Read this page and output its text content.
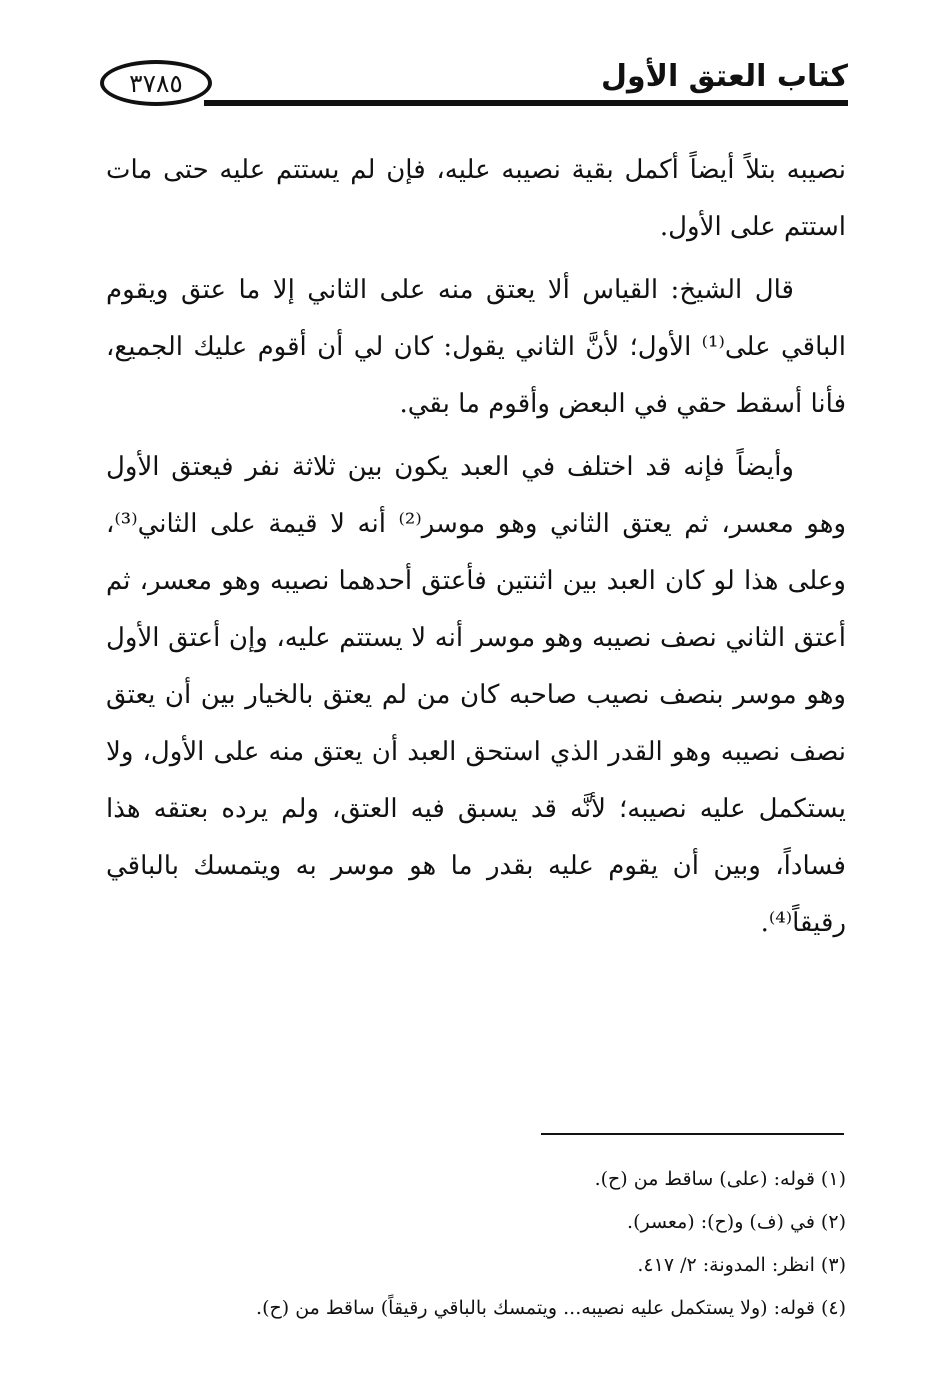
٣٧٨٥	كتاب العتق الأول

نصيبه بتلاً أيضاً أكمل بقية نصيبه عليه، فإن لم يستتم عليه حتى مات استتم على الأول.

قال الشيخ: القياس ألا يعتق منه على الثاني إلا ما عتق ويقوم الباقي على⁽¹⁾ الأول؛ لأنَّ الثاني يقول: كان لي أن أقوم عليك الجميع، فأنا أسقط حقي في البعض وأقوم ما بقي.

وأيضاً فإنه قد اختلف في العبد يكون بين ثلاثة نفر فيعتق الأول وهو معسر، ثم يعتق الثاني وهو موسر⁽²⁾ أنه لا قيمة على الثاني⁽³⁾، وعلى هذا لو كان العبد بين اثنتين فأعتق أحدهما نصيبه وهو معسر، ثم أعتق الثاني نصف نصيبه وهو موسر أنه لا يستتم عليه، وإن أعتق الأول وهو موسر بنصف نصيب صاحبه كان من لم يعتق بالخيار بين أن يعتق نصف نصيبه وهو القدر الذي استحق العبد أن يعتق منه على الأول، ولا يستكمل عليه نصيبه؛ لأنَّه قد يسبق فيه العتق، ولم يرده بعتقه هذا فساداً، وبين أن يقوم عليه بقدر ما هو موسر به ويتمسك بالباقي رقيقاً⁽⁴⁾.

(١) قوله: (على) ساقط من (ح).
(٢) في (ف) و(ح): (معسر).
(٣) انظر: المدونة: ٢/ ٤١٧.
(٤) قوله: (ولا يستكمل عليه نصيبه... ويتمسك بالباقي رقيقاً) ساقط من (ح).
